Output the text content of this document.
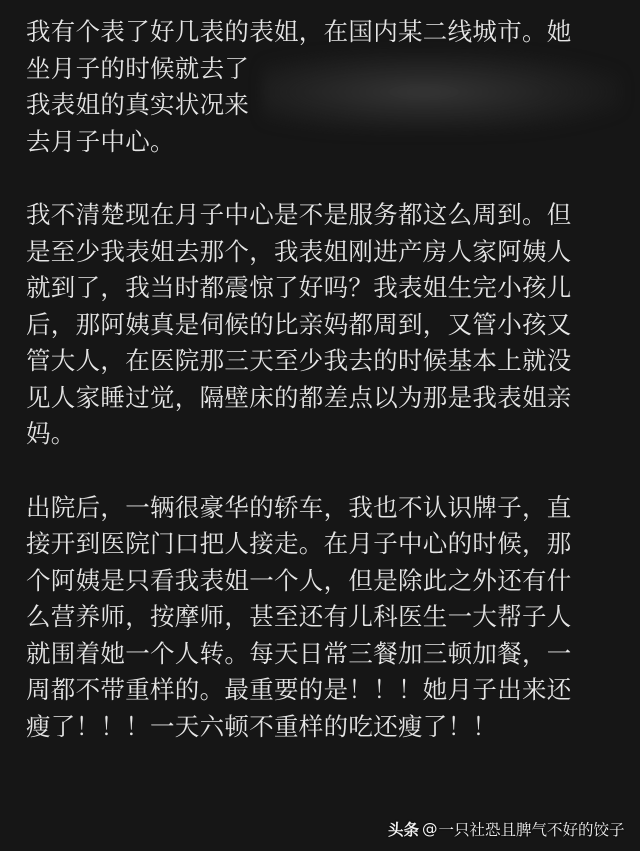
我有个表了好几表的表姐，在国内某二线城市。她
坐月子的时候就去了
我表姐的真实状况来
去月子中心。
我不清楚现在月子中心是不是服务都这么周到。但
是至少我表姐去那个，我表姐刚进产房人家阿姨人
就到了，我当时都震惊了好吗？我表姐生完小孩儿
后，那阿姨真是伺候的比亲妈都周到，又管小孩又
管大人，在医院那三天至少我去的时候基本上就没
见人家睡过觉，隔壁床的都差点以为那是我表姐亲
妈。
出院后，一辆很豪华的轿车，我也不认识牌子，直
接开到医院门口把人接走。在月子中心的时候，那
个阿姨是只看我表姐一个人，但是除此之外还有什
么营养师，按摩师，甚至还有儿科医生一大帮子人
就围着她一个人转。每天日常三餐加三顿加餐，一
周都不带重样的。最重要的是！！！她月子出来还
瘦了！！！一天六顿不重样的吃还瘦了！！
头条 @ 一只社恐且脾气不好的饺子
